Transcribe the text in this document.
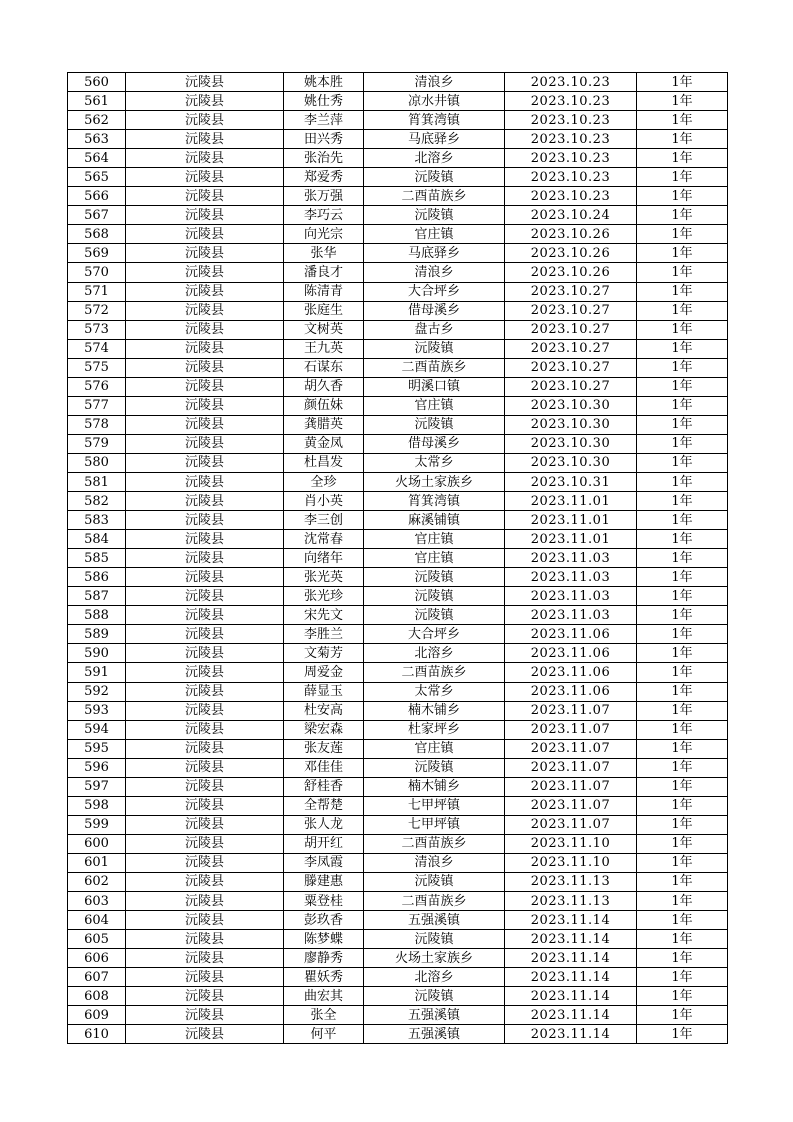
560	沅陵县	姚本胜	清浪乡	2023.10.23	1年
561	沅陵县	姚仕秀	凉水井镇	2023.10.23	1年
562	沅陵县	李兰萍	筲箕湾镇	2023.10.23	1年
563	沅陵县	田兴秀	马底驿乡	2023.10.23	1年
564	沅陵县	张治先	北溶乡	2023.10.23	1年
565	沅陵县	郑爱秀	沅陵镇	2023.10.23	1年
566	沅陵县	张万强	二酉苗族乡	2023.10.23	1年
567	沅陵县	李巧云	沅陵镇	2023.10.24	1年
568	沅陵县	向光宗	官庄镇	2023.10.26	1年
569	沅陵县	张华	马底驿乡	2023.10.26	1年
570	沅陵县	潘良才	清浪乡	2023.10.26	1年
571	沅陵县	陈清青	大合坪乡	2023.10.27	1年
572	沅陵县	张庭生	借母溪乡	2023.10.27	1年
573	沅陵县	文树英	盘古乡	2023.10.27	1年
574	沅陵县	王九英	沅陵镇	2023.10.27	1年
575	沅陵县	石谋东	二酉苗族乡	2023.10.27	1年
576	沅陵县	胡久香	明溪口镇	2023.10.27	1年
577	沅陵县	颜伍妹	官庄镇	2023.10.30	1年
578	沅陵县	龚腊英	沅陵镇	2023.10.30	1年
579	沅陵县	黄金凤	借母溪乡	2023.10.30	1年
580	沅陵县	杜昌发	太常乡	2023.10.30	1年
581	沅陵县	全珍	火场土家族乡	2023.10.31	1年
582	沅陵县	肖小英	筲箕湾镇	2023.11.01	1年
583	沅陵县	李三创	麻溪铺镇	2023.11.01	1年
584	沅陵县	沈常春	官庄镇	2023.11.01	1年
585	沅陵县	向绪年	官庄镇	2023.11.03	1年
586	沅陵县	张光英	沅陵镇	2023.11.03	1年
587	沅陵县	张光珍	沅陵镇	2023.11.03	1年
588	沅陵县	宋先文	沅陵镇	2023.11.03	1年
589	沅陵县	李胜兰	大合坪乡	2023.11.06	1年
590	沅陵县	文菊芳	北溶乡	2023.11.06	1年
591	沅陵县	周爱金	二酉苗族乡	2023.11.06	1年
592	沅陵县	薛显玉	太常乡	2023.11.06	1年
593	沅陵县	杜安高	楠木铺乡	2023.11.07	1年
594	沅陵县	梁宏森	杜家坪乡	2023.11.07	1年
595	沅陵县	张友莲	官庄镇	2023.11.07	1年
596	沅陵县	邓佳佳	沅陵镇	2023.11.07	1年
597	沅陵县	舒桂香	楠木铺乡	2023.11.07	1年
598	沅陵县	全帮楚	七甲坪镇	2023.11.07	1年
599	沅陵县	张人龙	七甲坪镇	2023.11.07	1年
600	沅陵县	胡开红	二酉苗族乡	2023.11.10	1年
601	沅陵县	李凤霞	清浪乡	2023.11.10	1年
602	沅陵县	滕建惠	沅陵镇	2023.11.13	1年
603	沅陵县	粟登桂	二酉苗族乡	2023.11.13	1年
604	沅陵县	彭玖香	五强溪镇	2023.11.14	1年
605	沅陵县	陈梦蝶	沅陵镇	2023.11.14	1年
606	沅陵县	廖静秀	火场土家族乡	2023.11.14	1年
607	沅陵县	瞿妖秀	北溶乡	2023.11.14	1年
608	沅陵县	曲宏其	沅陵镇	2023.11.14	1年
609	沅陵县	张全	五强溪镇	2023.11.14	1年
610	沅陵县	何平	五强溪镇	2023.11.14	1年
